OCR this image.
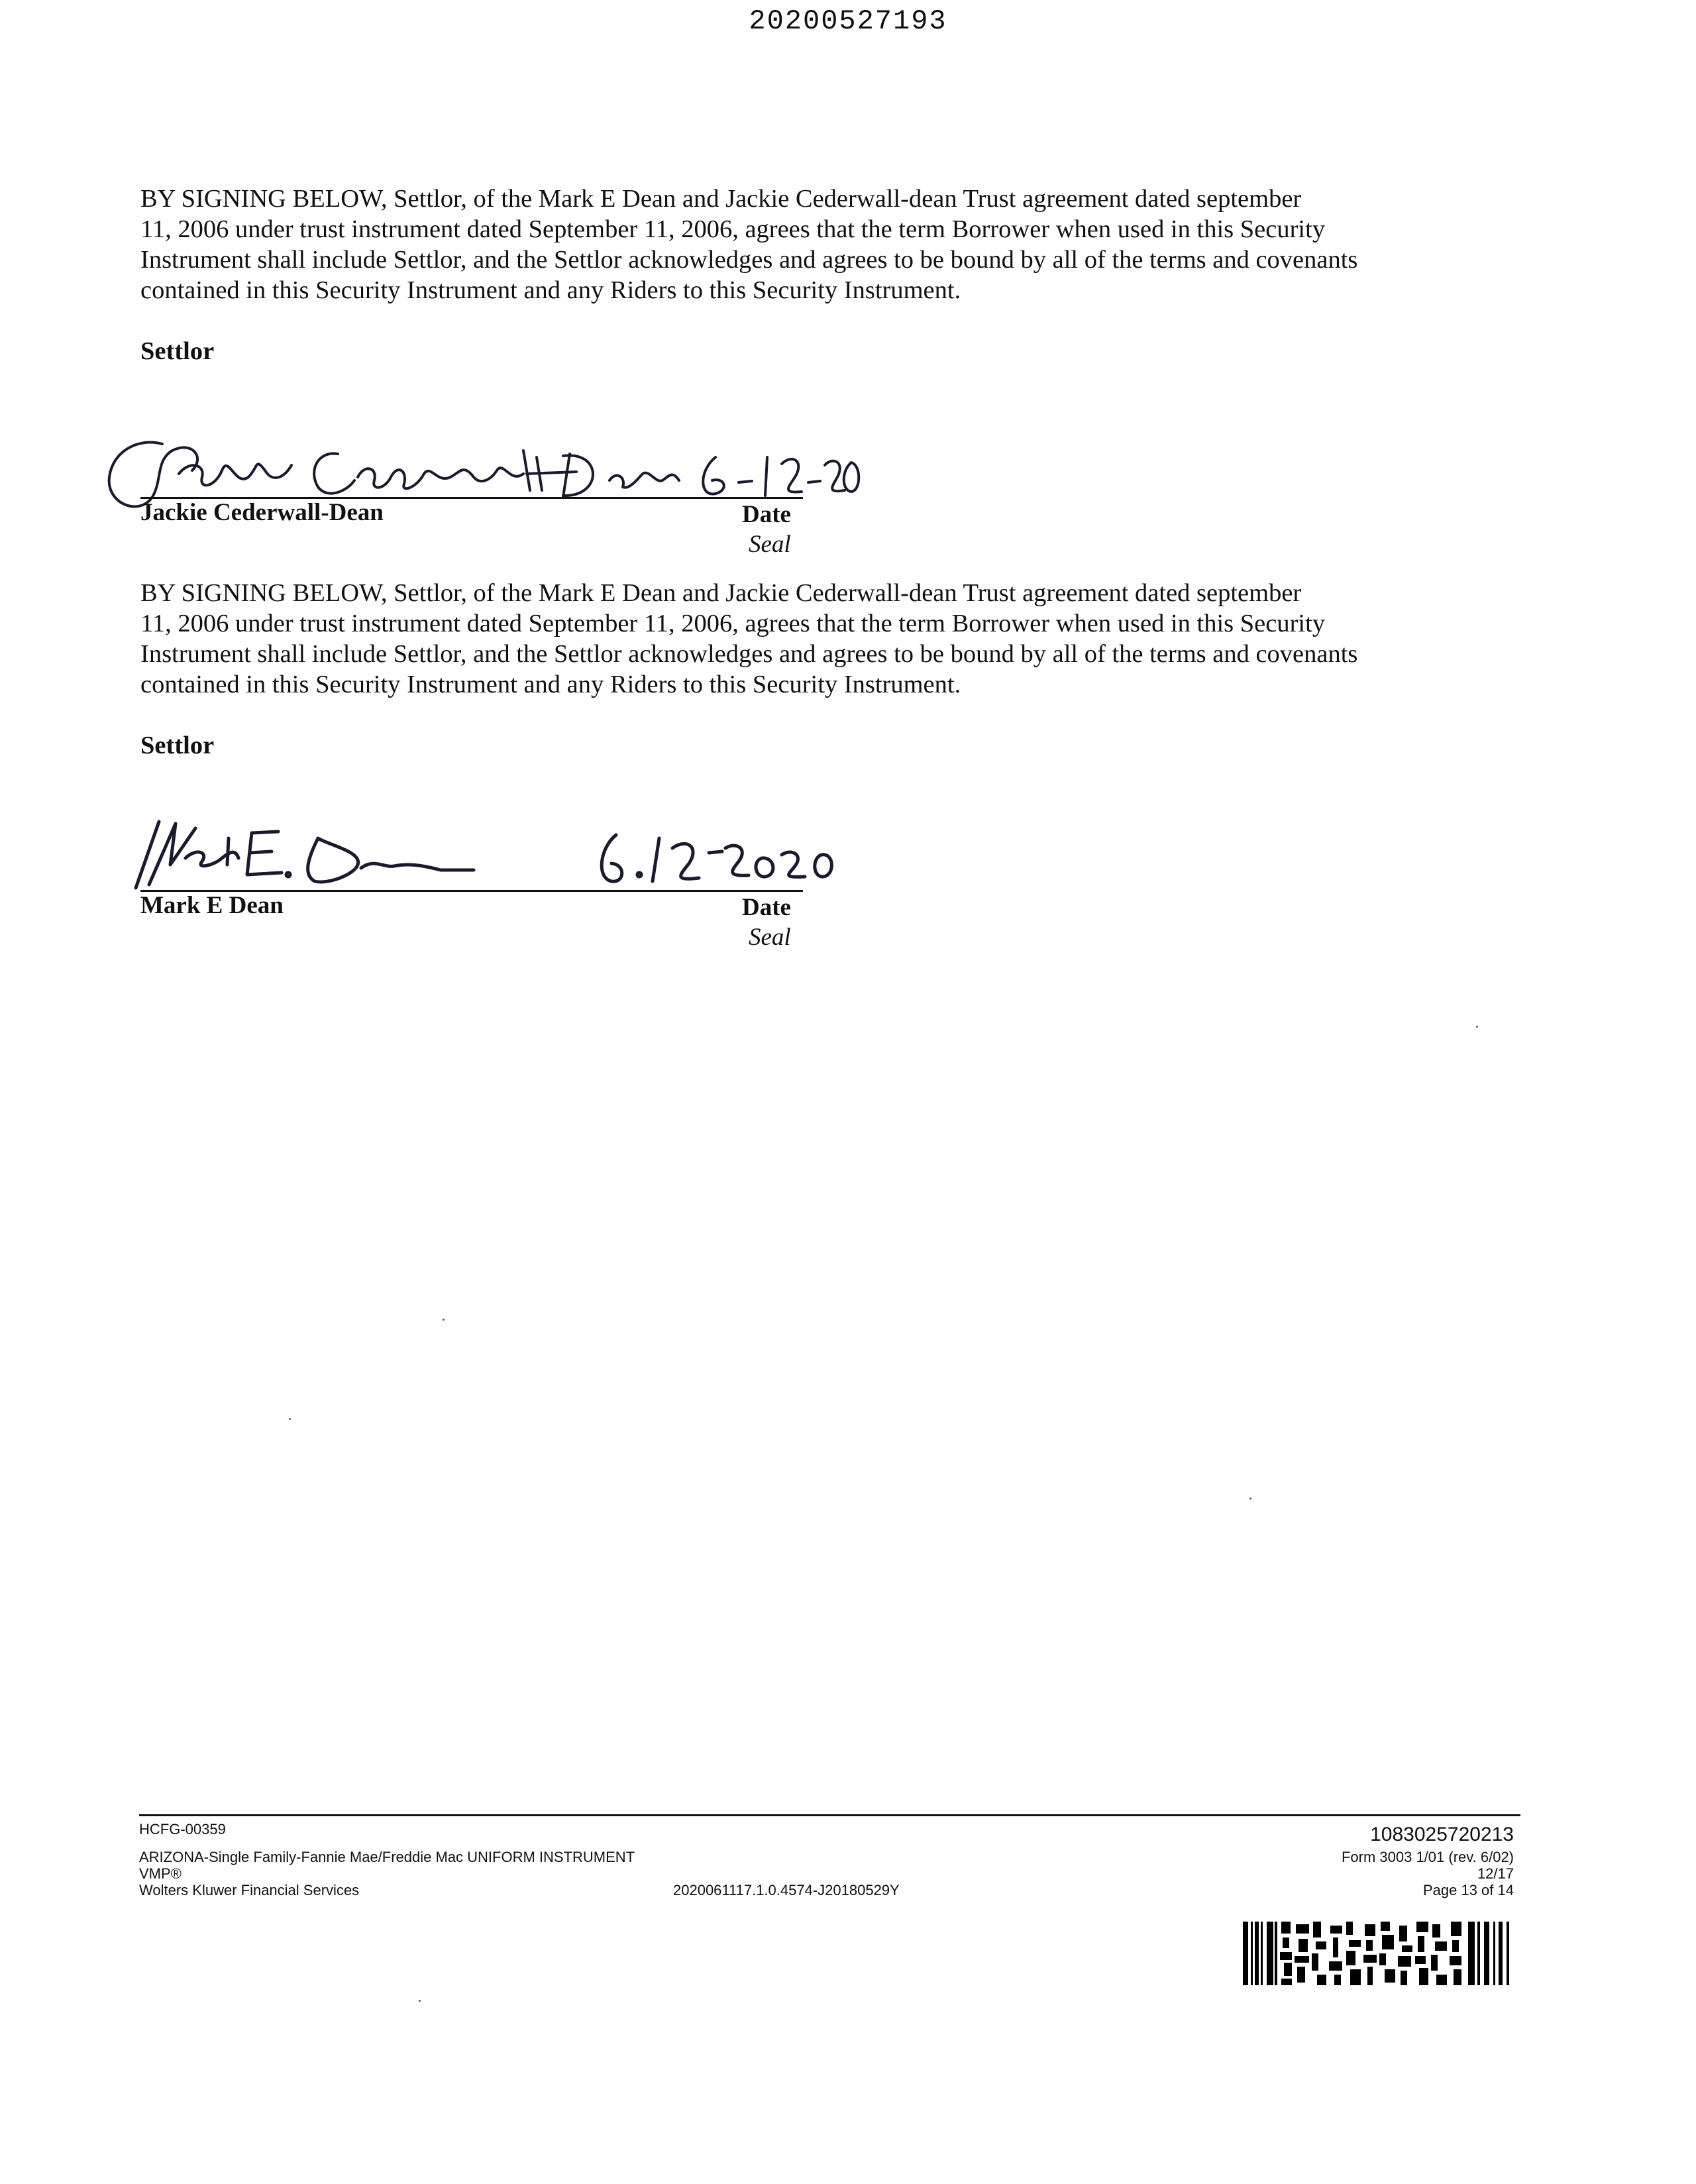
20200527193
BY SIGNING BELOW, Settlor, of the Mark E Dean and Jackie Cederwall-dean Trust agreement dated september
11, 2006 under trust instrument dated September 11, 2006, agrees that the term Borrower when used in this Security
Instrument shall include Settlor, and the Settlor acknowledges and agrees to be bound by all of the terms and covenants
contained in this Security Instrument and any Riders to this Security Instrument.
Settlor
Jackie Cederwall-Dean	Date
Seal
BY SIGNING BELOW, Settlor, of the Mark E Dean and Jackie Cederwall-dean Trust agreement dated september
11, 2006 under trust instrument dated September 11, 2006, agrees that the term Borrower when used in this Security
Instrument shall include Settlor, and the Settlor acknowledges and agrees to be bound by all of the terms and covenants
contained in this Security Instrument and any Riders to this Security Instrument.
Settlor
Mark E Dean	Date
Seal
HCFG-00359
ARIZONA-Single Family-Fannie Mae/Freddie Mac UNIFORM INSTRUMENT
VMP®
Wolters Kluwer Financial Services	2020061117.1.0.4574-J20180529Y
1083025720213
Form 3003 1/01 (rev. 6/02)
12/17
Page 13 of 14
